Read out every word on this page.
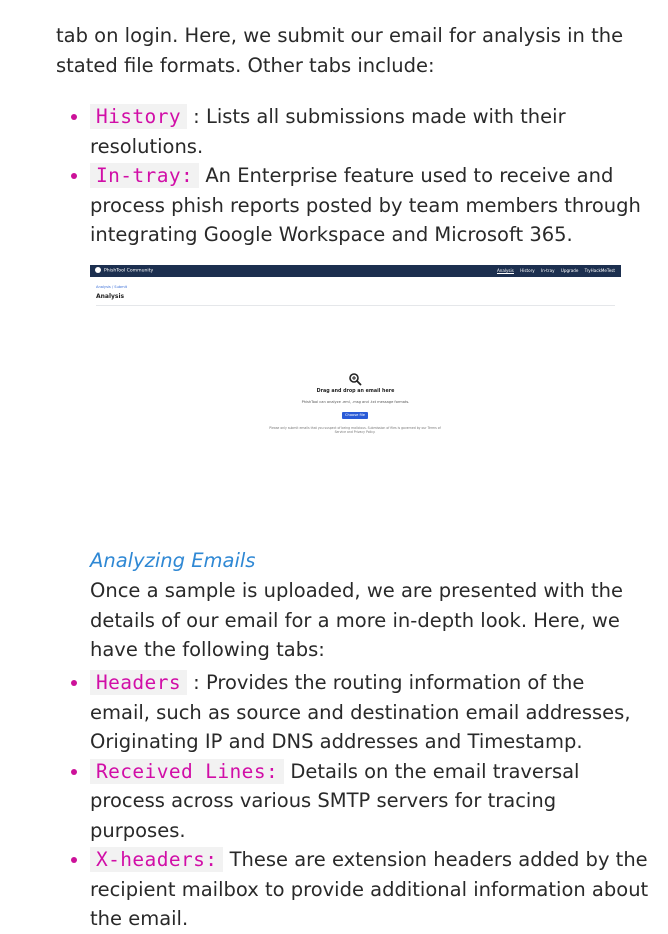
tab on login. Here, we submit our email for analysis in the

stated file formats. Other tabs include:

History : Lists all submissions made with their resolutions.
In-tray: An Enterprise feature used to receive and process phish reports posted by team members through integrating Google Workspace and Microsoft 365.
PhishTool Community	Analysis History In-tray Upgrade TryHackMeTest
Analysis / Submit
Analysis
Drag and drop an email here
PhishTool can analyze .eml, .msg and .txt message formats.
Choose file
Please only submit emails that you suspect of being malicious. Submission of files is governed by our Terms of Service and Privacy Policy.
Analyzing Emails

Once a sample is uploaded, we are presented with the details of our email for a more in-depth look. Here, we have the following tabs:

Headers : Provides the routing information of the email, such as source and destination email addresses, Originating IP and DNS addresses and Timestamp.
Received Lines: Details on the email traversal process across various SMTP servers for tracing purposes.
X-headers: These are extension headers added by the recipient mailbox to provide additional information about the email.
